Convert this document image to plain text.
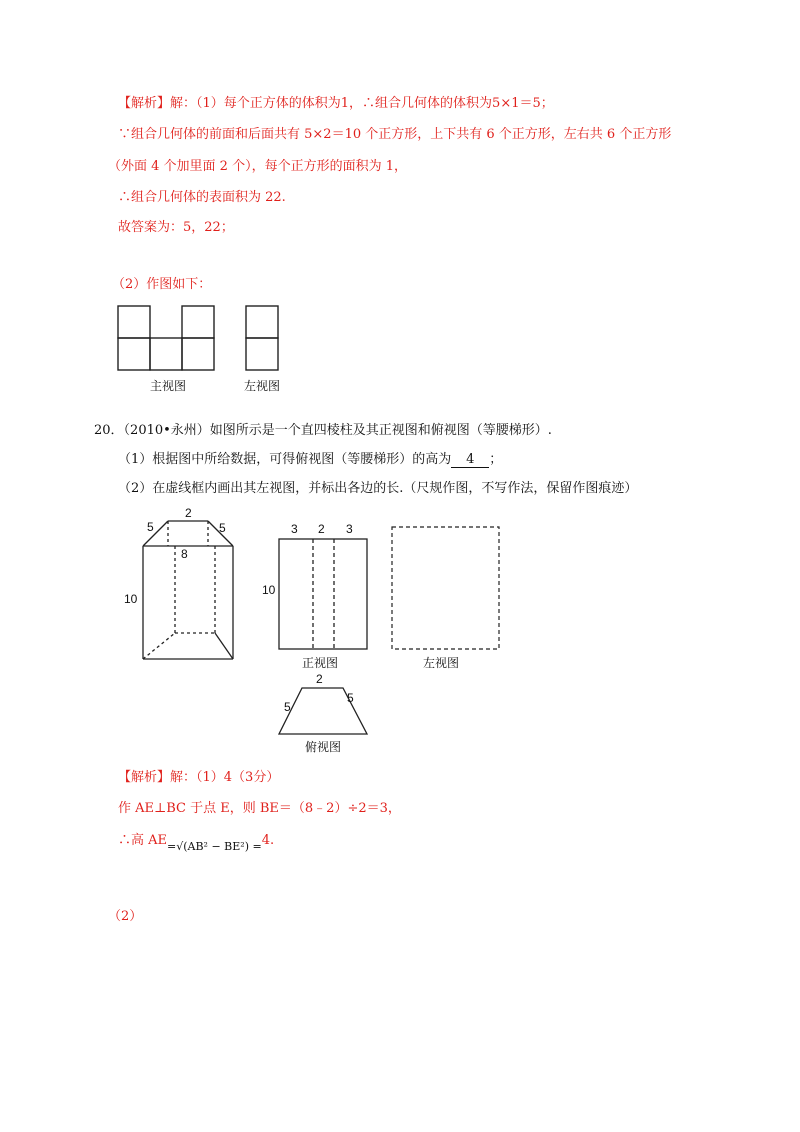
【解析】解：（1）每个正方体的体积为1，∴组合几何体的体积为5×1＝5；
∵组合几何体的前面和后面共有 5×2＝10 个正方形，上下共有 6 个正方形，左右共 6 个正方形
（外面 4 个加里面 2 个），每个正方形的面积为 1，
∴组合几何体的表面积为 22.
故答案为：5，22；
（2）作图如下：
主视图	左视图
20．（2010•永州）如图所示是一个直四棱柱及其正视图和俯视图（等腰梯形）.
（1）根据图中所给数据，可得俯视图（等腰梯形）的高为 4 ；
（2）在虚线框内画出其左视图，并标出各边的长.（尺规作图，不写作法，保留作图痕迹）
2
5	5
8
10
3 2 3
10
正视图	左视图
2
5
5
俯视图
【解析】解：（1）4（3分）
作 AE⊥BC 于点 E，则 BE＝（8﹣2）÷2＝3，
∴高 $AE_{=√(AB^2 - BE^2) =}4$.
（2）
